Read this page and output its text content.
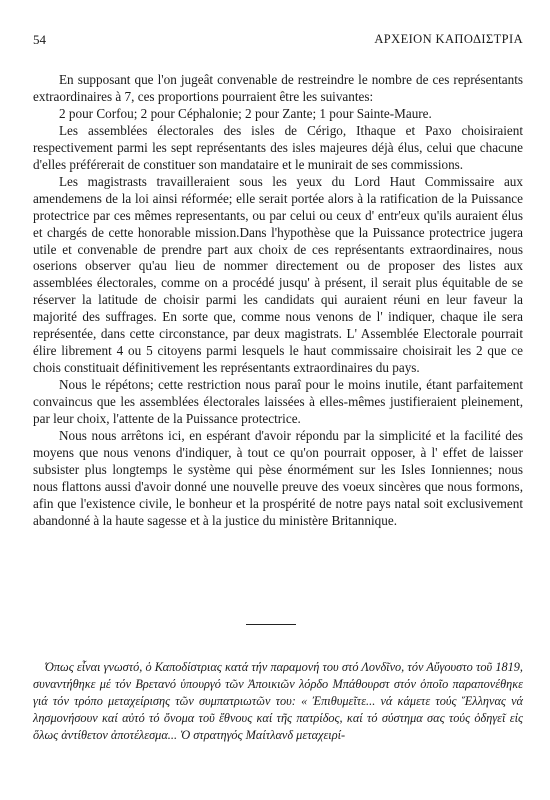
54	ΑΡΧΕΙΟΝ ΚΑΠΟΔΙΣΤΡΙΑ

En supposant que l'on jugeât convenable de restreindre le nombre de ces représentants extraordinaires à 7, ces proportions pourraient être les suivantes:

2 pour Corfou; 2 pour Céphalonie; 2 pour Zante; 1 pour Sainte-Maure.

Les assemblées électorales des isles de Cérigo, Ithaque et Paxo choisiraient respectivement parmi les sept représentants des isles majeures déjà élus, celui que chacune d'elles préférerait de constituer son mandataire et le munirait de ses commissions.

Les magistrasts travailleraient sous les yeux du Lord Haut Commissaire aux amendemens de la loi ainsi réformée; elle serait portée alors à la ratification de la Puissance protectrice par ces mêmes representants, ou par celui ou ceux d' entr'eux qu'ils auraient élus et chargés de cette honorable mission.Dans l'hypothèse que la Puissance protectrice jugera utile et convenable de prendre part aux choix de ces représentants extraordinaires, nous oserions observer qu'au lieu de nommer directement ou de proposer des listes aux assemblées électorales, comme on a procédé jusqu' à présent, il serait plus équitable de se réserver la latitude de choisir parmi les candidats qui auraient réuni en leur faveur la majorité des suffrages. En sorte que, comme nous venons de l' indiquer, chaque ile sera représentée, dans cette circonstance, par deux magistrats. L' Assemblée Electorale pourrait élire librement 4 ou 5 citoyens parmi lesquels le haut commissaire choisirait les 2 que ce chois constituait définitivement les représentants extraordinaires du pays.

Nous le répétons; cette restriction nous paraî pour le moins inutile, étant parfaitement convaincus que les assemblées électorales laissées à elles-mêmes justifieraient pleinement, par leur choix, l'attente de la Puissance protectrice.

Nous nous arrêtons ici, en espérant d'avoir répondu par la simplicité et la facilité des moyens que nous venons d'indiquer, à tout ce qu'on pourrait opposer, à l' effet de laisser subsister plus longtemps le système qui pèse énormément sur les Isles Ionniennes; nous nous flattons aussi d'avoir donné une nouvelle preuve des voeux sincères que nous formons, afin que l'existence civile, le bonheur et la prospérité de notre pays natal soit exclusivement abandonné à la haute sagesse et à la justice du ministère Britannique.

Όπως εἶναι γνωστό, ὁ Καποδίστριας κατά τήν παραμονή του στό Λονδῖνο, τόν Αὔγουστο τοῦ 1819, συναντήθηκε μέ τόν Βρετανό ὑπουργό τῶν Ἀποικιῶν λόρδο Μπάθουρστ στόν ὁποῖο παραπονέθηκε γιά τόν τρόπο μεταχείρισης τῶν συμπατριωτῶν του: « Ἐπιθυμεῖτε... νά κάμετε τούς Ἕλληνας νά λησμονήσουν καί αὐτό τό ὄνομα τοῦ ἔθνους καί τῆς πατρίδος, καί τό σύστημα σας τούς ὁδηγεῖ εἰς ὅλως ἀντίθετον ἀποτέλεσμα... Ὁ στρατηγός Μαίτλανδ μεταχειρί-
